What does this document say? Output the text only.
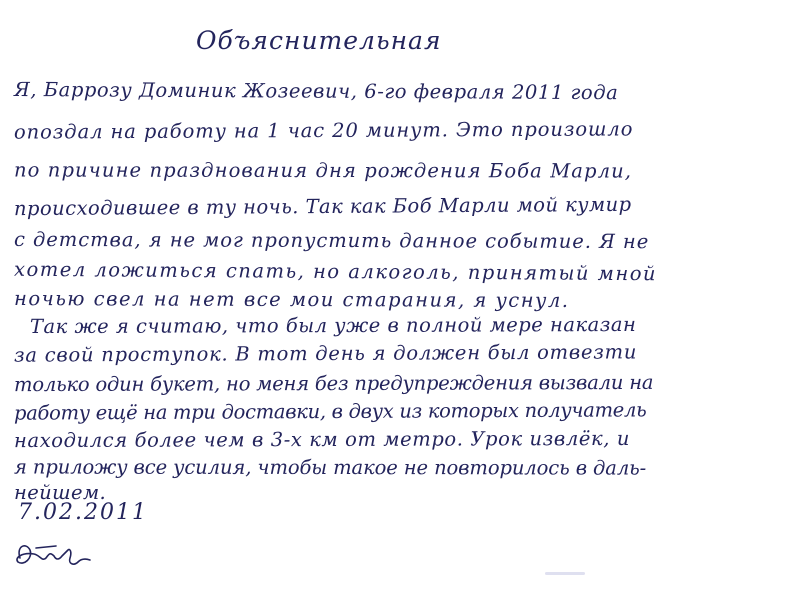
Объяснительная
Я, Баррозу Доминик Жозеевич, 6-го февраля 2011 года
опоздал на работу на 1 час 20 минут. Это произошло
по причине празднования дня рождения Боба Марли,
происходившее в ту ночь. Так как Боб Марли мой кумир
с детства, я не мог пропустить данное событие. Я не
хотел ложиться спать, но алкоголь, принятый мной
ночью свел на нет все мои старания, я уснул.
Так же я считаю, что был уже в полной мере наказан
за свой проступок. В тот день я должен был отвезти
только один букет, но меня без предупреждения вызвали на
работу ещё на три доставки, в двух из которых получатель
находился более чем в 3-х км от метро. Урок извлёк, и
я приложу все усилия, чтобы такое не повторилось в даль-
нейшем.
7.02.2011
